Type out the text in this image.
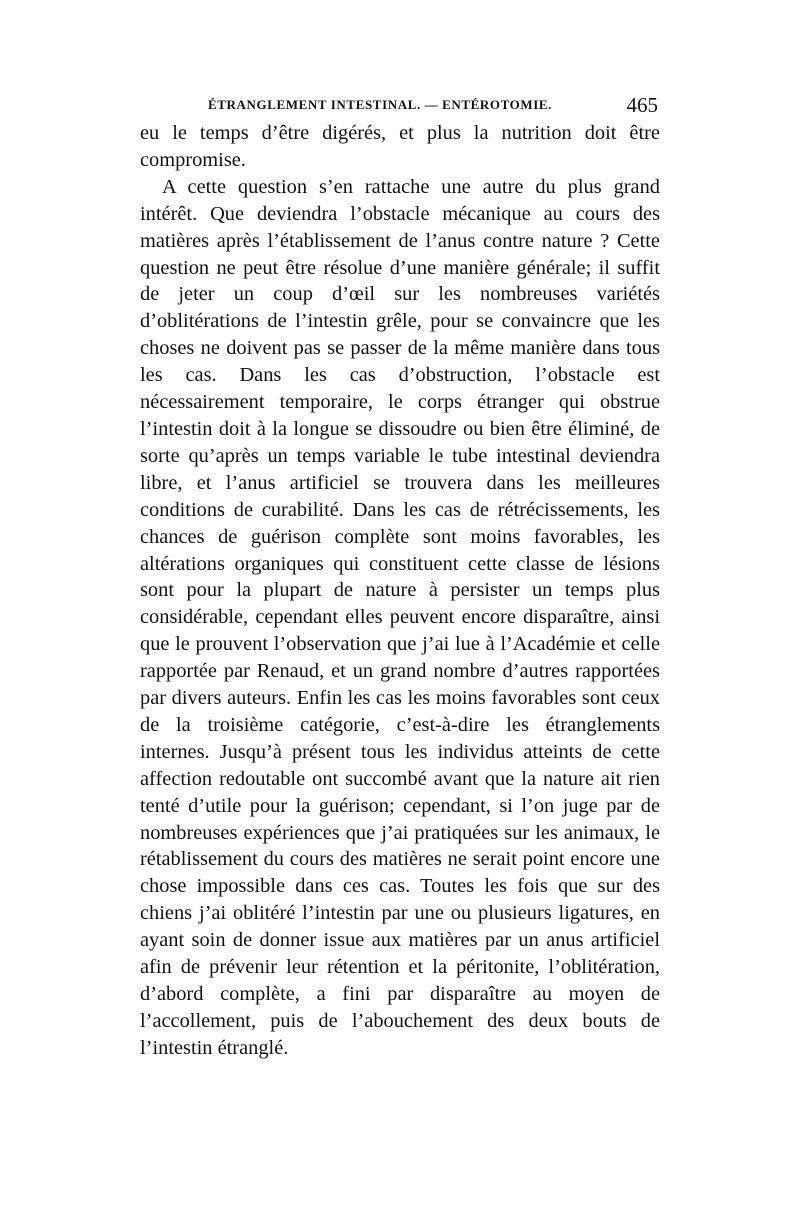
ÉTRANGLEMENT INTESTINAL. — ENTÉROTOMIE.	465

eu le temps d’être digérés, et plus la nutrition doit être compromise.

A cette question s’en rattache une autre du plus grand intérêt. Que deviendra l’obstacle mécanique au cours des matières après l’établissement de l’anus contre nature ? Cette question ne peut être résolue d’une manière générale; il suffit de jeter un coup d’œil sur les nombreuses variétés d’oblitérations de l’intestin grêle, pour se convaincre que les choses ne doivent pas se passer de la même manière dans tous les cas. Dans les cas d’obstruction, l’obstacle est nécessairement temporaire, le corps étranger qui obstrue l’intestin doit à la longue se dissoudre ou bien être éliminé, de sorte qu’après un temps variable le tube intestinal deviendra libre, et l’anus artificiel se trouvera dans les meilleures conditions de curabilité. Dans les cas de rétrécissements, les chances de guérison complète sont moins favorables, les altérations organiques qui constituent cette classe de lésions sont pour la plupart de nature à persister un temps plus considérable, cependant elles peuvent encore disparaître, ainsi que le prouvent l’observation que j’ai lue à l’Académie et celle rapportée par Renaud, et un grand nombre d’autres rapportées par divers auteurs. Enfin les cas les moins favorables sont ceux de la troisième catégorie, c’est-à-dire les étranglements internes. Jusqu’à présent tous les individus atteints de cette affection redoutable ont succombé avant que la nature ait rien tenté d’utile pour la guérison; cependant, si l’on juge par de nombreuses expériences que j’ai pratiquées sur les animaux, le rétablissement du cours des matières ne serait point encore une chose impossible dans ces cas. Toutes les fois que sur des chiens j’ai oblitéré l’intestin par une ou plusieurs ligatures, en ayant soin de donner issue aux matières par un anus artificiel afin de prévenir leur rétention et la péritonite, l’oblitération, d’abord complète, a fini par disparaître au moyen de l’accollement, puis de l’abouchement des deux bouts de l’intestin étranglé.
